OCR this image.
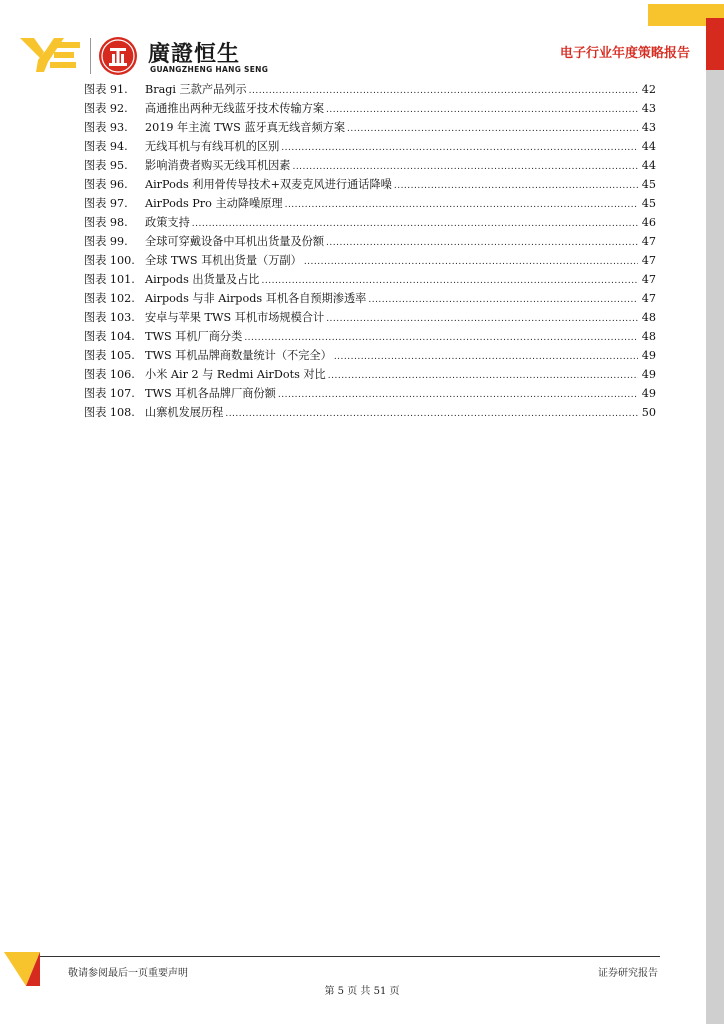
廣證恒生
GUANGZHENG HANG SENG
电子行业年度策略报告
图表 91.	Bragi 三款产品列示 .....	42
图表 92.	高通推出两种无线蓝牙技术传输方案 .....	43
图表 93.	2019 年主流 TWS 蓝牙真无线音频方案 .....	43
图表 94.	无线耳机与有线耳机的区别 .....	44
图表 95.	影响消费者购买无线耳机因素 .....	44
图表 96.	AirPods 利用骨传导技术+双麦克风进行通话降噪 .....	45
图表 97.	AirPods Pro 主动降噪原理 .....	45
图表 98.	政策支持 .....	46
图表 99.	全球可穿戴设备中耳机出货量及份额 .....	47
图表 100. 全球 TWS 耳机出货量（万副） .....	47
图表 101. Airpods 出货量及占比 .....	47
图表 102. Airpods 与非 Airpods 耳机各自预期渗透率 .....	47
图表 103. 安卓与苹果 TWS 耳机市场规模合计 .....	48
图表 104. TWS 耳机厂商分类 .....	48
图表 105. TWS 耳机品牌商数量统计（不完全） .....	49
图表 106. 小米 Air 2 与 Redmi AirDots 对比 .....	49
图表 107. TWS 耳机各品牌厂商份额 .....	49
图表 108. 山寨机发展历程 .....	50
敬请参阅最后一页重要声明	证券研究报告
第 5 页 共 51 页
